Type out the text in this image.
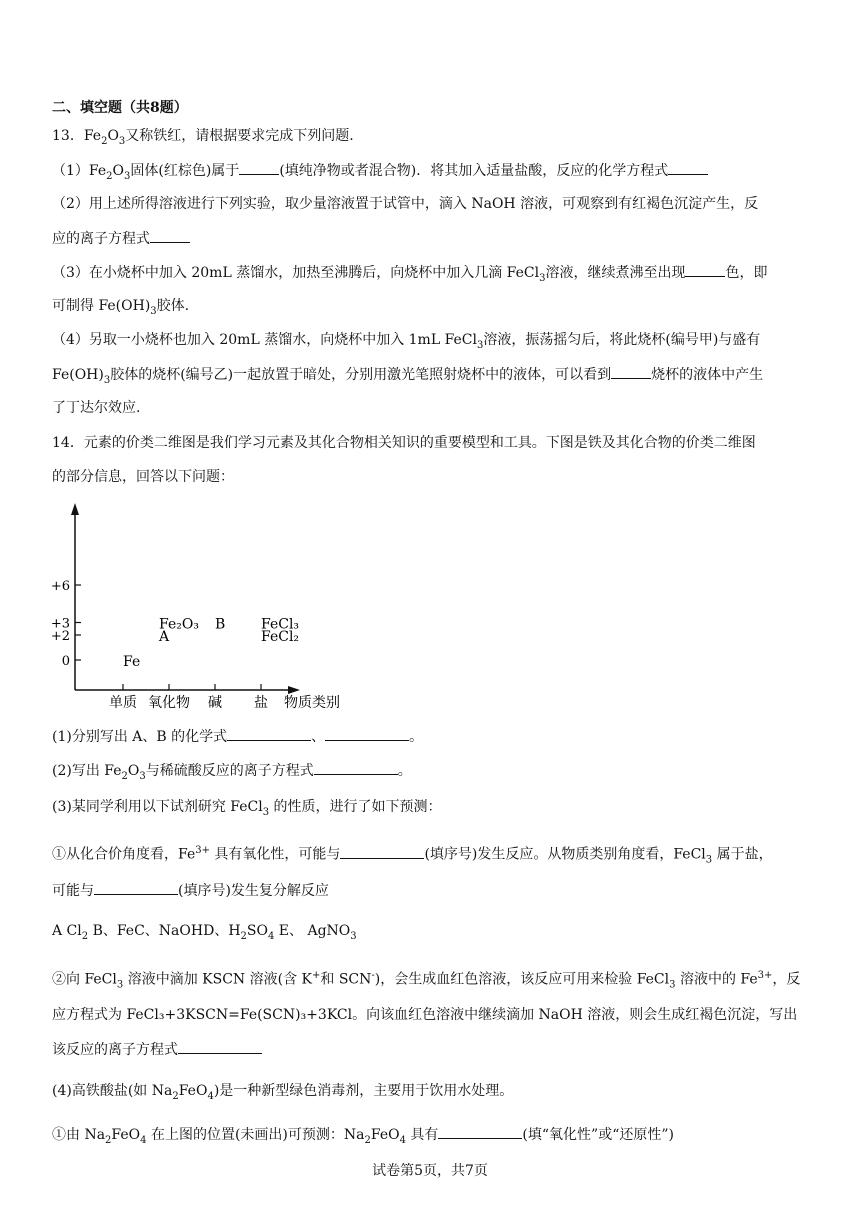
二、填空题（共8题）
13．$Fe_2O_3$又称铁红，请根据要求完成下列问题.
$(1)Fe_2O_3$固体(红棕色)属于	(填纯净物或者混合物)．将其加入适量盐酸，反应的化学方程式
（2）用上述所得溶液进行下列实验，取少量溶液置于试管中，滴入 NaOH 溶液，可观察到有红褐色沉淀产生，反
应的离子方程式
（3）在小烧杯中加入 20mL 蒸馏水，加热至沸腾后，向烧杯中加入几滴 FeCl$_3$溶液，继续煮沸至出现	色，即
可制得 $Fe(OH)_3$胶体.
（4）另取一小烧杯也加入 20mL 蒸馏水，向烧杯中加入 1mL FeCl$_3$溶液，振荡摇匀后，将此烧杯(编号甲)与盛有
$Fe(OH)_3$胶体的烧杯(编号乙)一起放置于暗处，分别用激光笔照射烧杯中的液体，可以看到	烧杯的液体中产生
了丁达尔效应.
14．元素的价类二维图是我们学习元素及其化合物相关知识的重要模型和工具。下图是铁及其化合物的价类二维图
的部分信息，回答以下问题：
+6
+3
+2
0
单质 氧化物 碱 盐 物质类别
Fe
Fe₂O₃
A
B	FeCl₃
FeCl₂
(1)分别写出 A、B 的化学式	、	。
(2)写出 $Fe_2O_3$与稀硫酸反应的离子方程式	。
(3)某同学利用以下试剂研究 FeCl$_3$ 的性质，进行了如下预测：
①从化合价角度看，$Fe^{3+}$ 具有氧化性，可能与	(填序号)发生反应。从物质类别角度看，FeCl$_3$ 属于盐，
可能与	(填序号)发生复分解反应
A $Cl_2$ B、FeC、NaOHD、$H_2SO_4$ E、 AgNO$_3$
②向 FeCl$_3$ 溶液中滴加 KSCN 溶液(含 K+和 SCN-)，会生成血红色溶液，该反应可用来检验 FeCl$_3$ 溶液中的 $Fe^{3+}$，反
应方程式为 FeCl₃+3KSCN=Fe(SCN)₃+3KCl。向该血红色溶液中继续滴加 NaOH 溶液，则会生成红褐色沉淀，写出
该反应的离子方程式
(4)高铁酸盐(如 $Na_2FeO_4$)是一种新型绿色消毒剂，主要用于饮用水处理。
①由 $Na_2FeO_4$ 在上图的位置(未画出)可预测：$Na_2FeO_4$ 具有	(填“氧化性”或“还原性”)
试卷第5页，共7页
